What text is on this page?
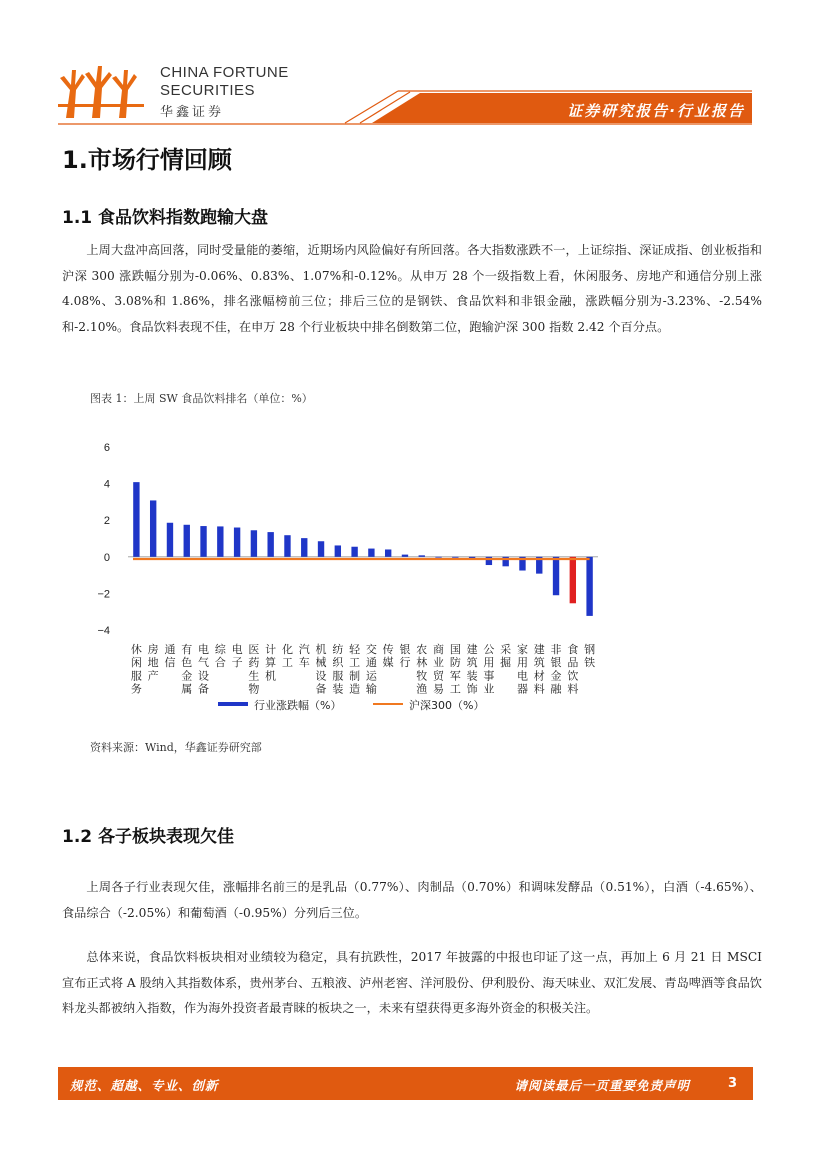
CHINA FORTUNE
SECURITIES
华鑫证券	证券研究报告·行业报告
1.市场行情回顾
1.1 食品饮料指数跑输大盘

上周大盘冲高回落，同时受量能的萎缩，近期场内风险偏好有所回落。各大指数涨跌不一，上证综指、深证成指、创业板指和沪深 300 涨跌幅分别为-0.06%、0.83%、1.07%和-0.12%。从申万 28 个一级指数上看，休闲服务、房地产和通信分别上涨 4.08%、3.08%和 1.86%，排名涨幅榜前三位；排后三位的是钢铁、食品饮料和非银金融，涨跌幅分别为-3.23%、-2.54%和-2.10%。食品饮料表现不佳，在申万 28 个行业板块中排名倒数第二位，跑输沪深 300 指数 2.42 个百分点。

图表 1：上周 SW 食品饮料排名（单位：%）
6
4
2
0
−2
−4
休闲服务
房地产
通信
有色金属
电气设备
综合
电子
医药生物
计算机
化工
汽车
机械设备
纺织服装
轻工制造
交通运输
传媒
银行
农林牧渔
商业贸易
国防军工
建筑装饰
公用事业
采掘
家用电器
建筑材料
非银金融
食品饮料
钢铁
行业涨跌幅（%）	沪深300（%）
资料来源：Wind，华鑫证券研究部
1.2 各子板块表现欠佳

上周各子行业表现欠佳，涨幅排名前三的是乳品（0.77%）、肉制品（0.70%）和调味发酵品（0.51%），白酒（-4.65%）、食品综合（-2.05%）和葡萄酒（-0.95%）分列后三位。

总体来说，食品饮料板块相对业绩较为稳定，具有抗跌性，2017 年披露的中报也印证了这一点，再加上 6 月 21 日 MSCI 宣布正式将 A 股纳入其指数体系，贵州茅台、五粮液、泸州老窖、洋河股份、伊利股份、海天味业、双汇发展、青岛啤酒等食品饮料龙头都被纳入指数，作为海外投资者最青睐的板块之一，未来有望获得更多海外资金的积极关注。

规范、超越、专业、创新	请阅读最后一页重要免责声明	3
